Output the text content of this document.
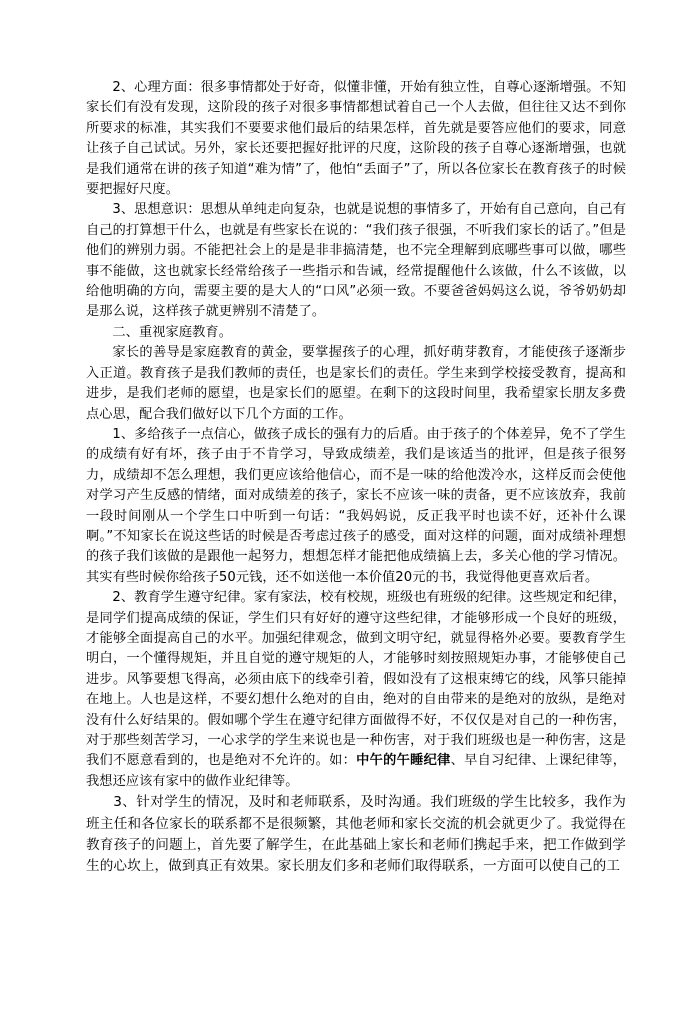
2、心理方面：很多事情都处于好奇，似懂非懂，开始有独立性，自尊心逐渐增强。不知家长们有没有发现，这阶段的孩子对很多事情都想试着自己一个人去做，但往往又达不到你所要求的标准，其实我们不要要求他们最后的结果怎样，首先就是要答应他们的要求，同意让孩子自己试试。另外，家长还要把握好批评的尺度，这阶段的孩子自尊心逐渐增强，也就是我们通常在讲的孩子知道“难为情”了，他怕“丢面子”了，所以各位家长在教育孩子的时候要把握好尺度。

3、思想意识：思想从单纯走向复杂，也就是说想的事情多了，开始有自己意向，自己有自己的打算想干什么，也就是有些家长在说的：“我们孩子很强，不听我们家长的话了。”但是他们的辨别力弱。不能把社会上的是是非非搞清楚，也不完全理解到底哪些事可以做，哪些事不能做，这也就家长经常给孩子一些指示和告诫，经常提醒他什么该做，什么不该做，以给他明确的方向，需要主要的是大人的“口风”必须一致。不要爸爸妈妈这么说，爷爷奶奶却是那么说，这样孩子就更辨别不清楚了。

二、重视家庭教育。

家长的善导是家庭教育的黄金，要掌握孩子的心理，抓好萌芽教育，才能使孩子逐渐步入正道。教育孩子是我们教师的责任，也是家长们的责任。学生来到学校接受教育，提高和进步，是我们老师的愿望，也是家长们的愿望。在剩下的这段时间里，我希望家长朋友多费点心思，配合我们做好以下几个方面的工作。

1、多给孩子一点信心，做孩子成长的强有力的后盾。由于孩子的个体差异，免不了学生的成绩有好有坏，孩子由于不肯学习，导致成绩差，我们是该适当的批评，但是孩子很努力，成绩却不怎么理想，我们更应该给他信心，而不是一味的给他泼冷水，这样反而会使他对学习产生反感的情绪，面对成绩差的孩子，家长不应该一味的责备，更不应该放弃，我前一段时间刚从一个学生口中听到一句话：“我妈妈说，反正我平时也读不好，还补什么课啊。”不知家长在说这些话的时候是否考虑过孩子的感受，面对这样的问题，面对成绩补理想的孩子我们该做的是跟他一起努力，想想怎样才能把他成绩搞上去，多关心他的学习情况。其实有些时候你给孩子50元钱，还不如送他一本价值20元的书，我觉得他更喜欢后者。

2、教育学生遵守纪律。家有家法，校有校规，班级也有班级的纪律。这些规定和纪律，是同学们提高成绩的保证，学生们只有好好的遵守这些纪律，才能够形成一个良好的班级，才能够全面提高自己的水平。加强纪律观念，做到文明守纪，就显得格外必要。要教育学生明白，一个懂得规矩，并且自觉的遵守规矩的人，才能够时刻按照规矩办事，才能够使自己进步。风筝要想飞得高，必须由底下的线牵引着，假如没有了这根束缚它的线，风筝只能掉在地上。人也是这样，不要幻想什么绝对的自由，绝对的自由带来的是绝对的放纵，是绝对没有什么好结果的。假如哪个学生在遵守纪律方面做得不好，不仅仅是对自己的一种伤害，对于那些刻苦学习，一心求学的学生来说也是一种伤害，对于我们班级也是一种伤害，这是我们不愿意看到的，也是绝对不允许的。如：中午的午睡纪律、早自习纪律、上课纪律等，我想还应该有家中的做作业纪律等。

3、针对学生的情况，及时和老师联系，及时沟通。我们班级的学生比较多，我作为班主任和各位家长的联系都不是很频繁，其他老师和家长交流的机会就更少了。我觉得在教育孩子的问题上，首先要了解学生，在此基础上家长和老师们携起手来，把工作做到学生的心坎上，做到真正有效果。家长朋友们多和老师们取得联系，一方面可以使自己的工
